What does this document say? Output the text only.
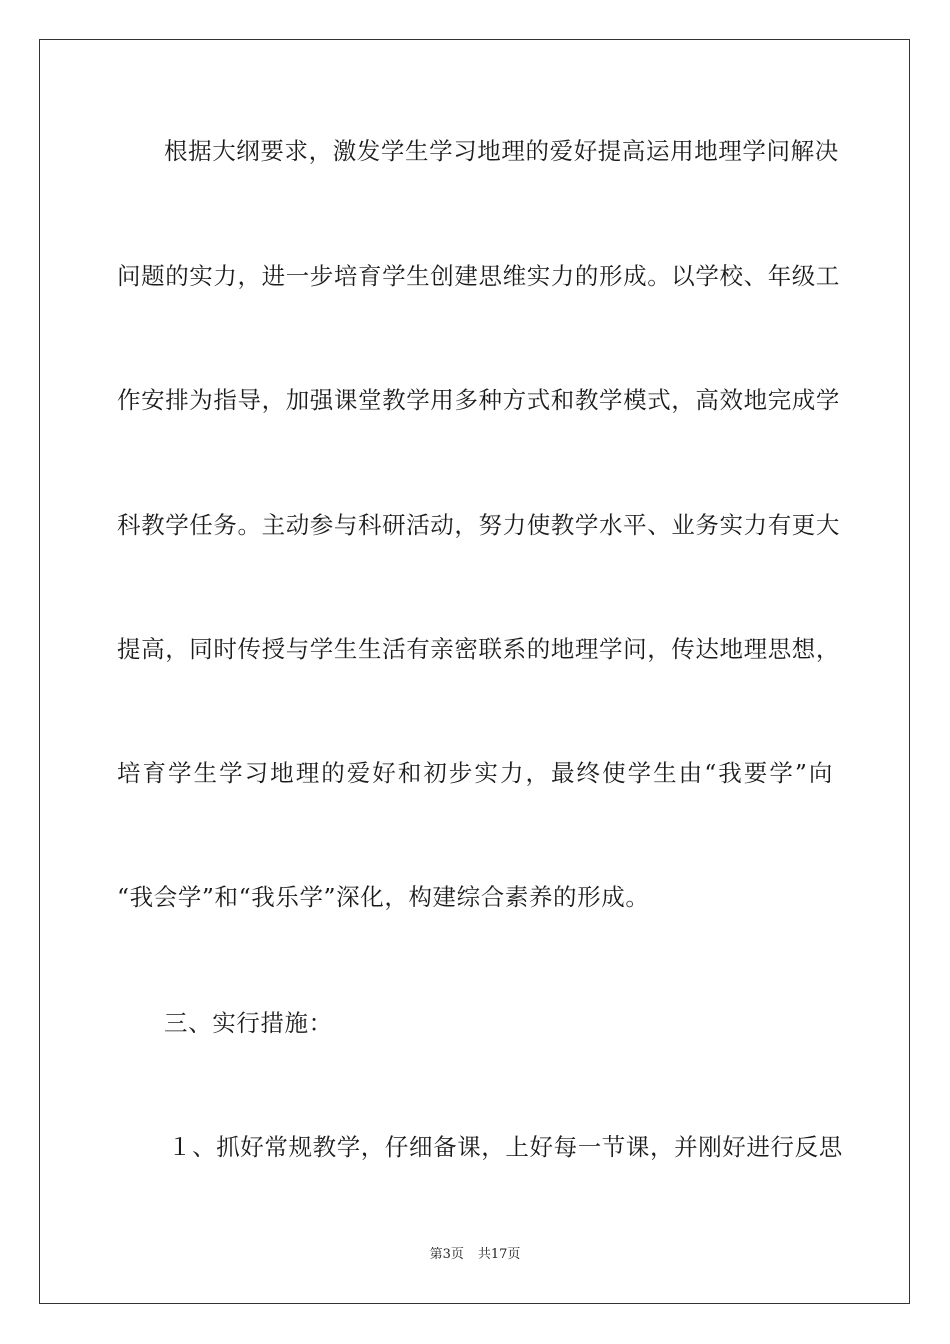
根据大纲要求，激发学生学习地理的爱好提高运用地理学问解决
问题的实力，进一步培育学生创建思维实力的形成。以学校、年级工
作安排为指导，加强课堂教学用多种方式和教学模式，高效地完成学
科教学任务。主动参与科研活动，努力使教学水平、业务实力有更大
提高，同时传授与学生生活有亲密联系的地理学问，传达地理思想，
培育学生学习地理的爱好和初步实力，最终使学生由“我要学”向
“我会学”和“我乐学”深化，构建综合素养的形成。
三、实行措施：
１、抓好常规教学，仔细备课，上好每一节课，并刚好进行反思
第3页 共17页
